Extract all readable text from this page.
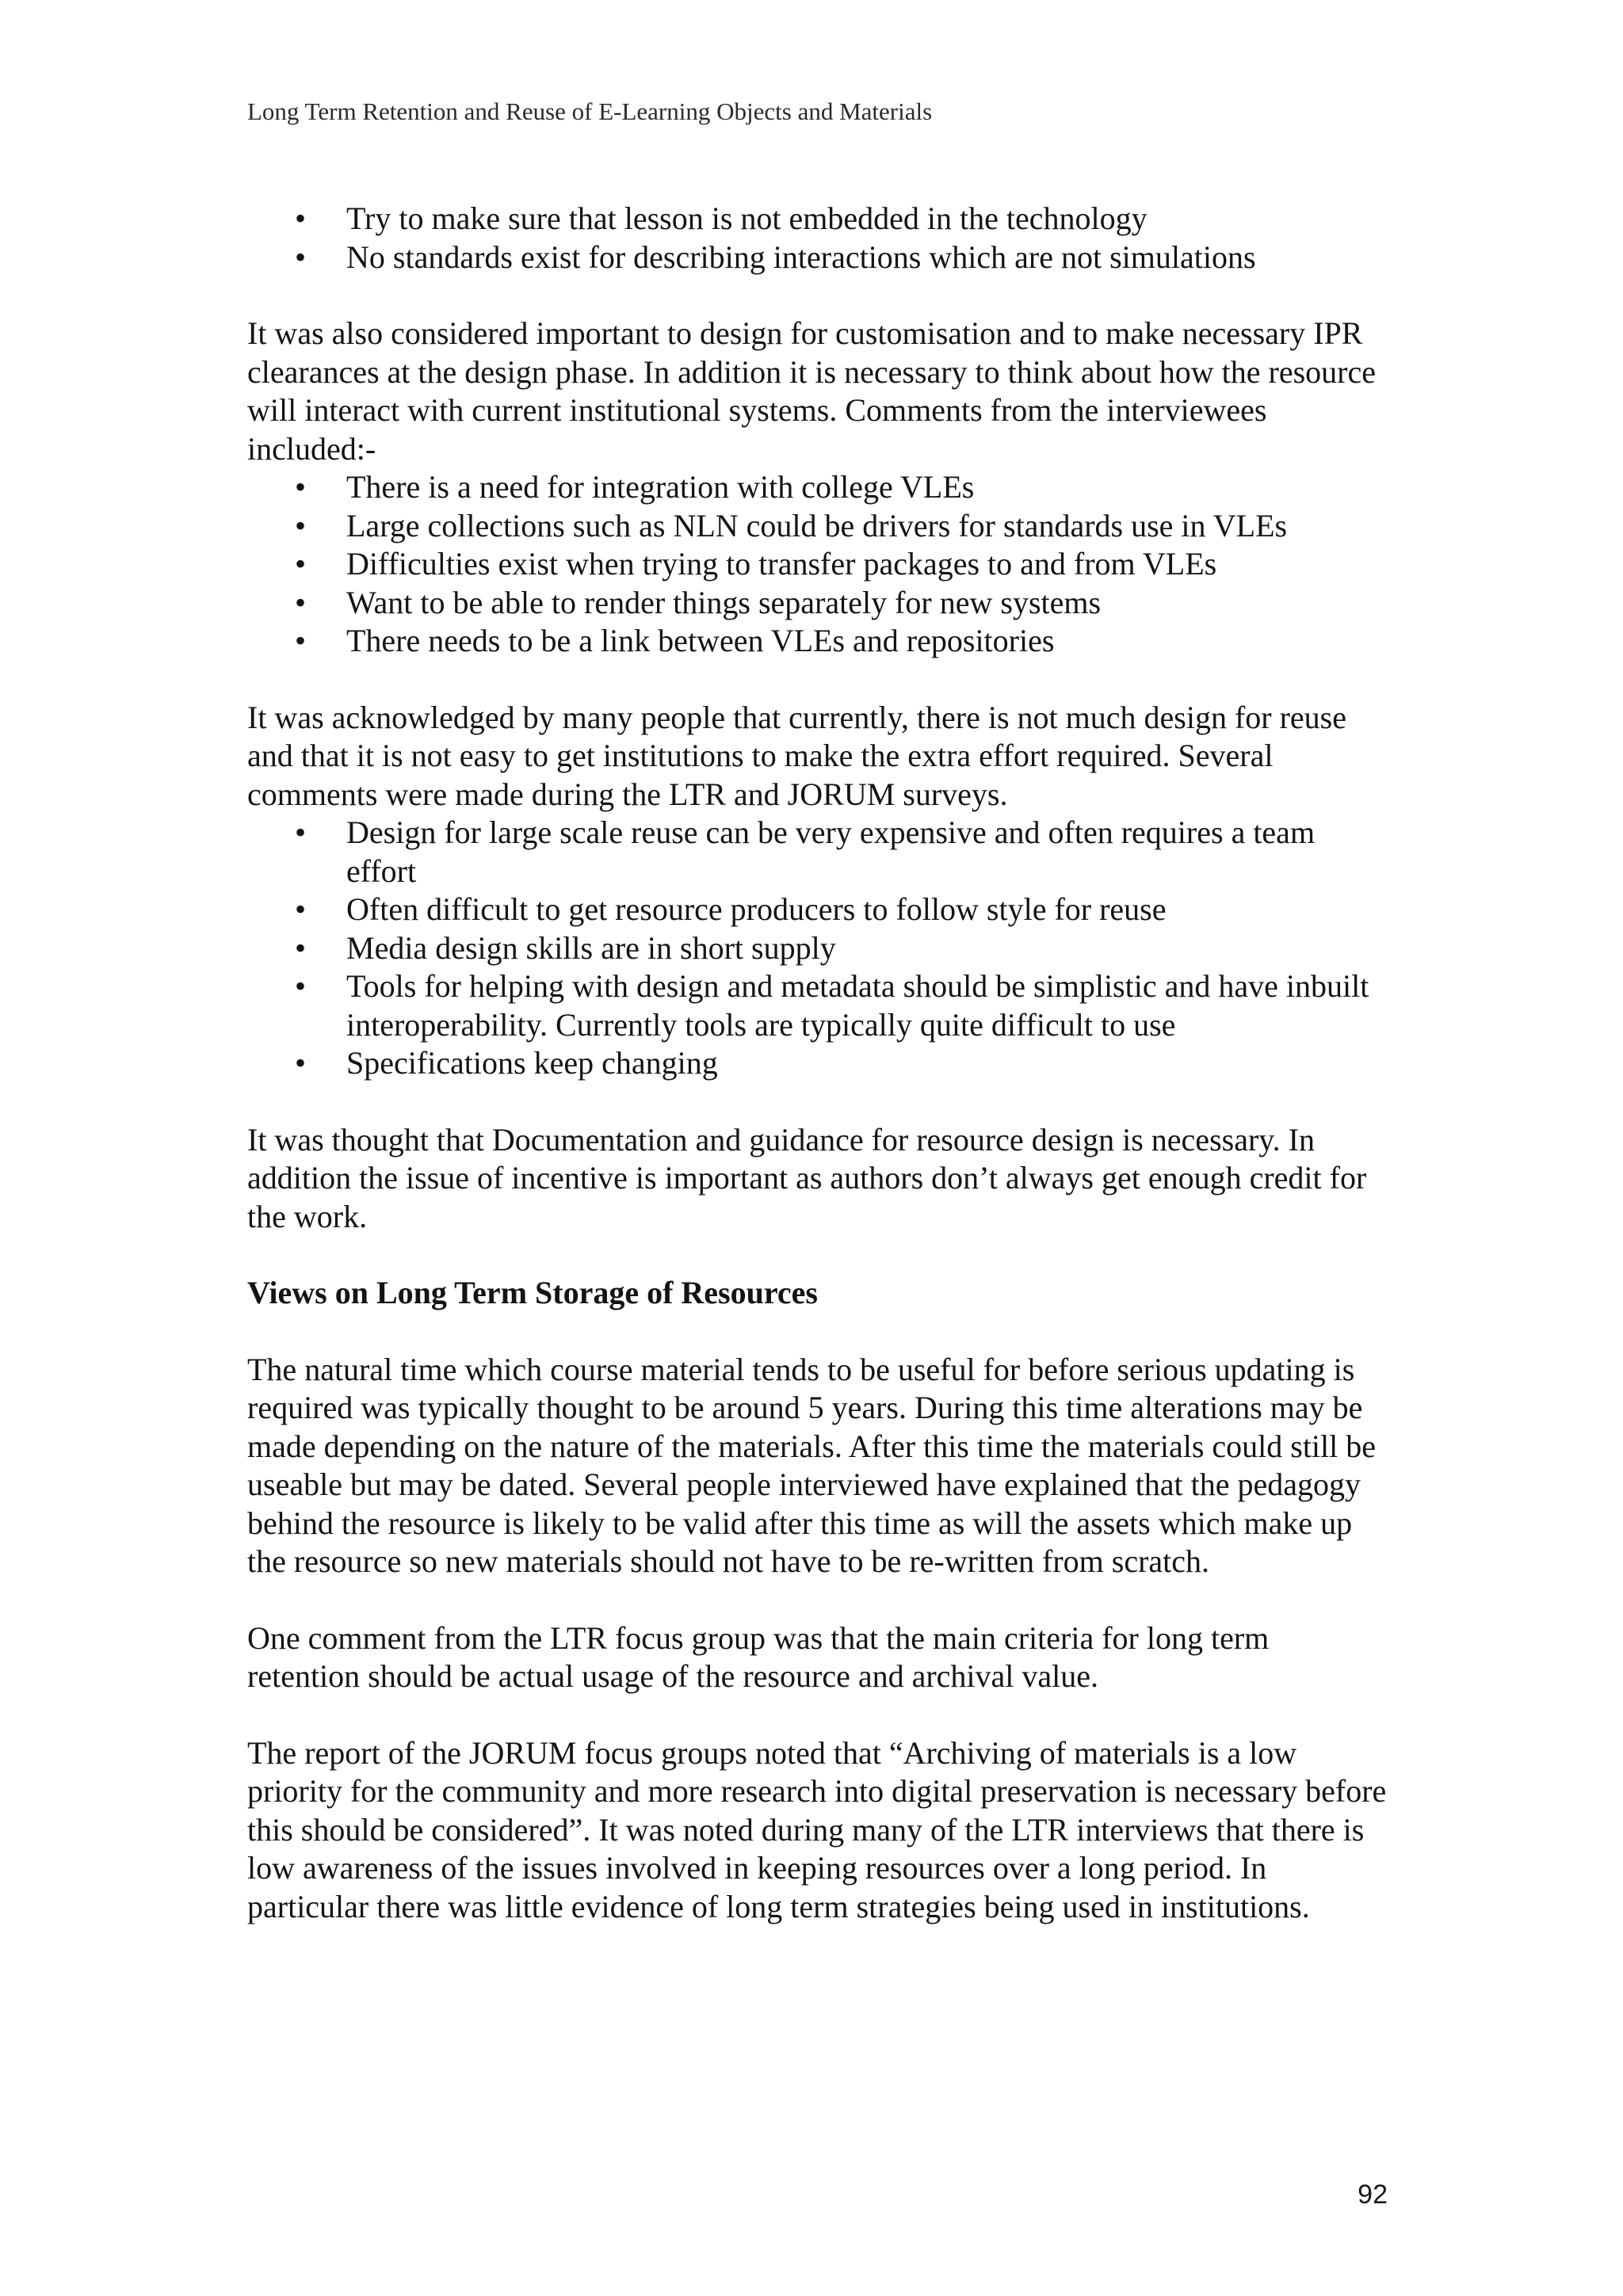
Long Term Retention and Reuse of E-Learning Objects and Materials
• Try to make sure that lesson is not embedded in the technology
• No standards exist for describing interactions which are not simulations

It was also considered important to design for customisation and to make necessary IPR clearances at the design phase. In addition it is necessary to think about how the resource will interact with current institutional systems. Comments from the interviewees included:-

• There is a need for integration with college VLEs
• Large collections such as NLN could be drivers for standards use in VLEs
• Difficulties exist when trying to transfer packages to and from VLEs
• Want to be able to render things separately for new systems
• There needs to be a link between VLEs and repositories

It was acknowledged by many people that currently, there is not much design for reuse and that it is not easy to get institutions to make the extra effort required. Several comments were made during the LTR and JORUM surveys.

• Design for large scale reuse can be very expensive and often requires a team effort
• Often difficult to get resource producers to follow style for reuse
• Media design skills are in short supply
• Tools for helping with design and metadata should be simplistic and have inbuilt interoperability. Currently tools are typically quite difficult to use
• Specifications keep changing

It was thought that Documentation and guidance for resource design is necessary. In addition the issue of incentive is important as authors don’t always get enough credit for the work.

Views on Long Term Storage of Resources

The natural time which course material tends to be useful for before serious updating is required was typically thought to be around 5 years. During this time alterations may be made depending on the nature of the materials. After this time the materials could still be useable but may be dated. Several people interviewed have explained that the pedagogy behind the resource is likely to be valid after this time as will the assets which make up the resource so new materials should not have to be re-written from scratch.

One comment from the LTR focus group was that the main criteria for long term retention should be actual usage of the resource and archival value.

The report of the JORUM focus groups noted that “Archiving of materials is a low priority for the community and more research into digital preservation is necessary before this should be considered”. It was noted during many of the LTR interviews that there is low awareness of the issues involved in keeping resources over a long period. In particular there was little evidence of long term strategies being used in institutions.

92
